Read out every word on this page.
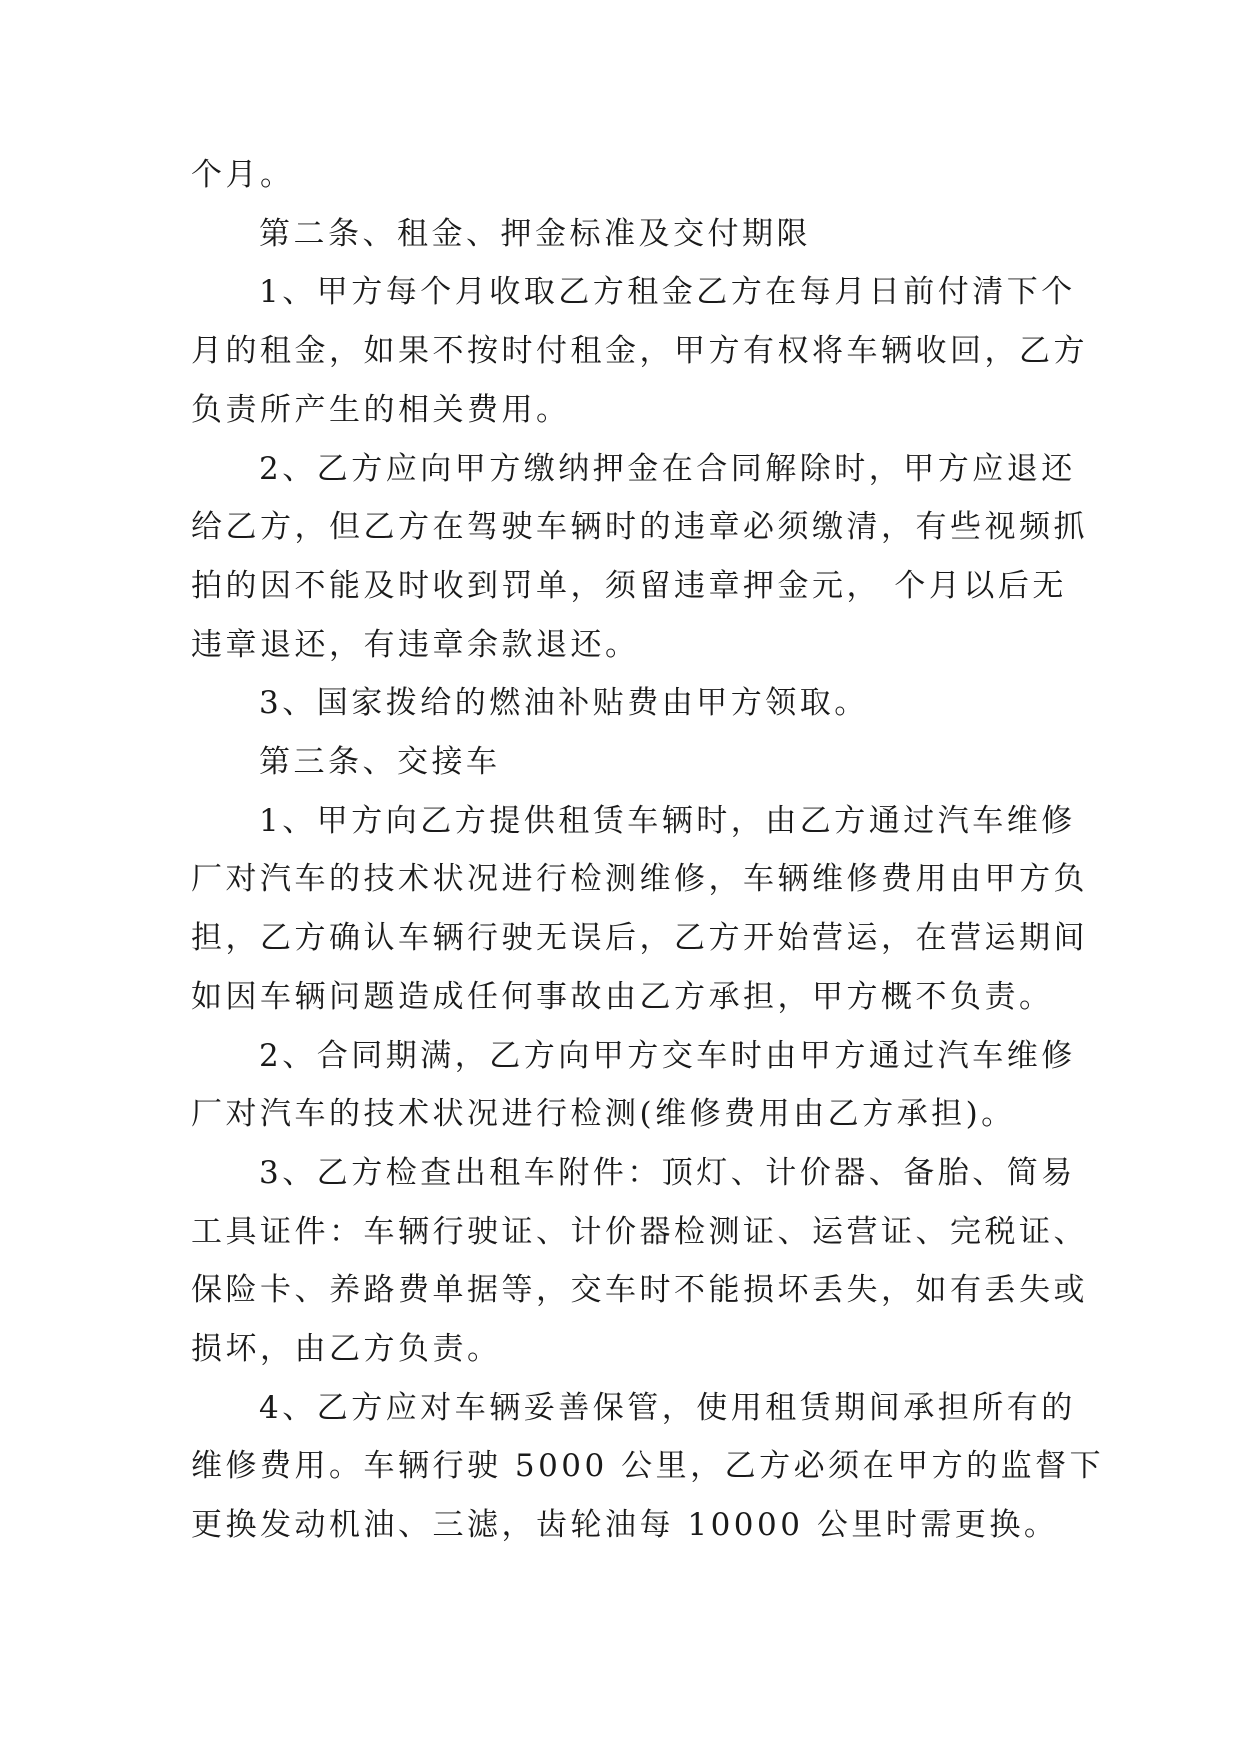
个月。

第二条、租金、押金标准及交付期限

1、甲方每个月收取乙方租金乙方在每月日前付清下个
月的租金，如果不按时付租金，甲方有权将车辆收回，乙方
负责所产生的相关费用。

2、乙方应向甲方缴纳押金在合同解除时，甲方应退还
给乙方，但乙方在驾驶车辆时的违章必须缴清，有些视频抓
拍的因不能及时收到罚单，须留违章押金元， 个月以后无
违章退还，有违章余款退还。

3、国家拨给的燃油补贴费由甲方领取。

第三条、交接车

1、甲方向乙方提供租赁车辆时，由乙方通过汽车维修
厂对汽车的技术状况进行检测维修，车辆维修费用由甲方负
担，乙方确认车辆行驶无误后，乙方开始营运，在营运期间
如因车辆问题造成任何事故由乙方承担，甲方概不负责。

2、合同期满，乙方向甲方交车时由甲方通过汽车维修
厂对汽车的技术状况进行检测(维修费用由乙方承担)。

3、乙方检查出租车附件：顶灯、计价器、备胎、简易
工具证件：车辆行驶证、计价器检测证、运营证、完税证、
保险卡、养路费单据等，交车时不能损坏丢失，如有丢失或
损坏，由乙方负责。

4、乙方应对车辆妥善保管，使用租赁期间承担所有的
维修费用。车辆行驶 5000 公里，乙方必须在甲方的监督下
更换发动机油、三滤，齿轮油每 10000 公里时需更换。
